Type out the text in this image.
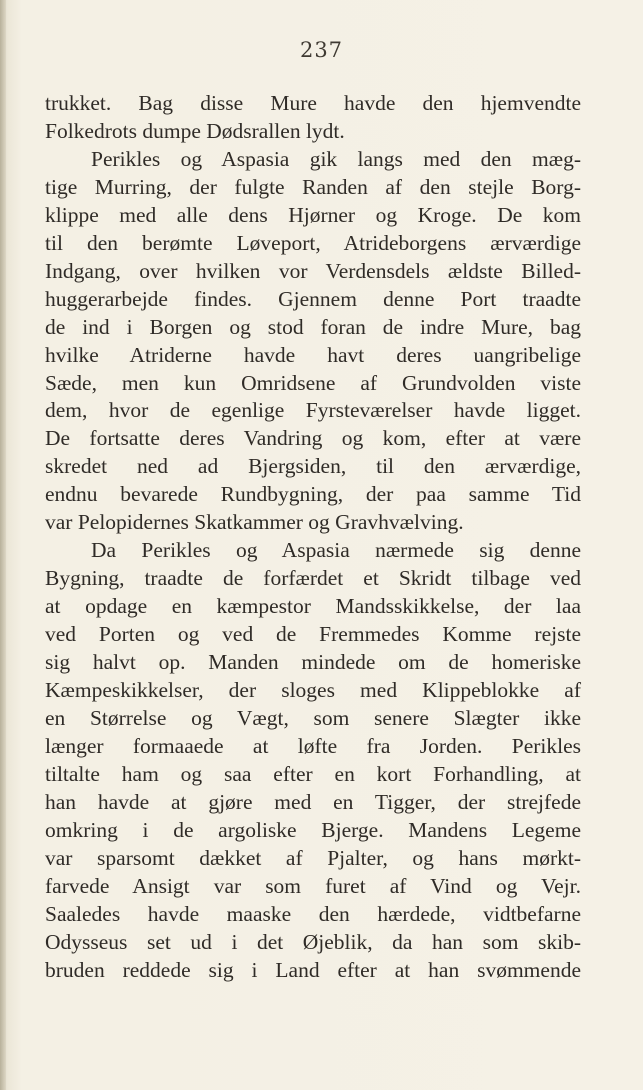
237
trukket. Bag disse Mure havde den hjemvendte
Folkedrots dumpe Dødsrallen lydt.
Perikles og Aspasia gik langs med den mæg-
tige Murring, der fulgte Randen af den stejle Borg-
klippe med alle dens Hjørner og Kroge. De kom
til den berømte Løveport, Atrideborgens ærværdige
Indgang, over hvilken vor Verdensdels ældste Billed-
huggerarbejde findes. Gjennem denne Port traadte
de ind i Borgen og stod foran de indre Mure, bag
hvilke Atriderne havde havt deres uangribelige
Sæde, men kun Omridsene af Grundvolden viste
dem, hvor de egenlige Fyrsteværelser havde ligget.
De fortsatte deres Vandring og kom, efter at være
skredet ned ad Bjergsiden, til den ærværdige,
endnu bevarede Rundbygning, der paa samme Tid
var Pelopidernes Skatkammer og Gravhvælving.
Da Perikles og Aspasia nærmede sig denne
Bygning, traadte de forfærdet et Skridt tilbage ved
at opdage en kæmpestor Mandsskikkelse, der laa
ved Porten og ved de Fremmedes Komme rejste
sig halvt op. Manden mindede om de homeriske
Kæmpeskikkelser, der sloges med Klippeblokke af
en Størrelse og Vægt, som senere Slægter ikke
længer formaaede at løfte fra Jorden. Perikles
tiltalte ham og saa efter en kort Forhandling, at
han havde at gjøre med en Tigger, der strejfede
omkring i de argoliske Bjerge. Mandens Legeme
var sparsomt dækket af Pjalter, og hans mørkt-
farvede Ansigt var som furet af Vind og Vejr.
Saaledes havde maaske den hærdede, vidtbefarne
Odysseus set ud i det Øjeblik, da han som skib-
bruden reddede sig i Land efter at han svømmende
